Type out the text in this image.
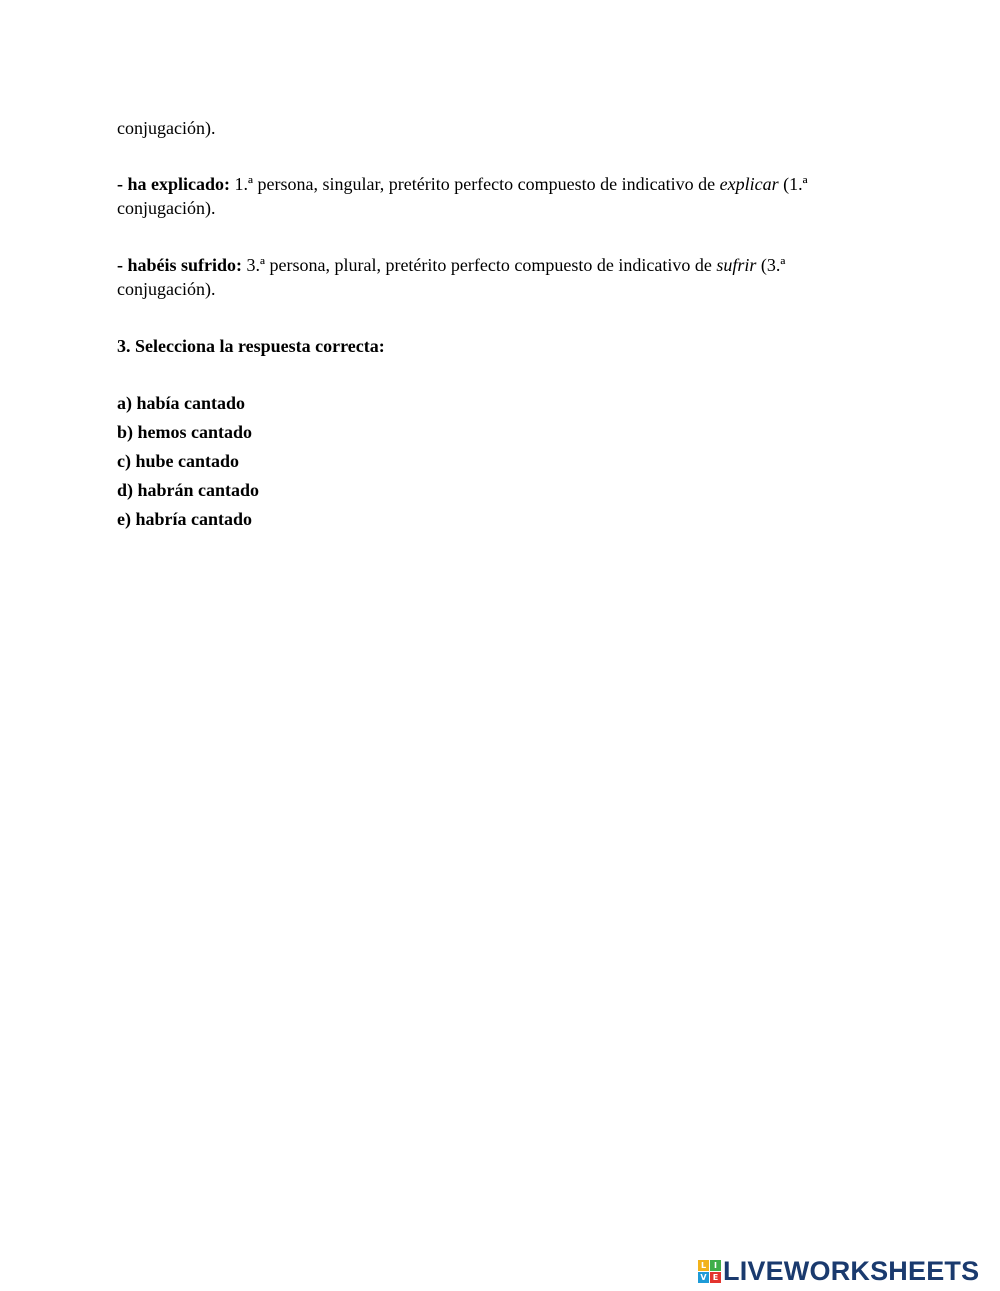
conjugación).

- ha explicado: 1.ª persona, singular, pretérito perfecto compuesto de indicativo de explicar (1.ª conjugación).

- habéis sufrido: 3.ª persona, plural, pretérito perfecto compuesto de indicativo de sufrir (3.ª conjugación).

3. Selecciona la respuesta correcta:

a) había cantado
b) hemos cantado
c) hube cantado
d) habrán cantado
e) habría cantado
L I
V E LIVEWORKSHEETS
